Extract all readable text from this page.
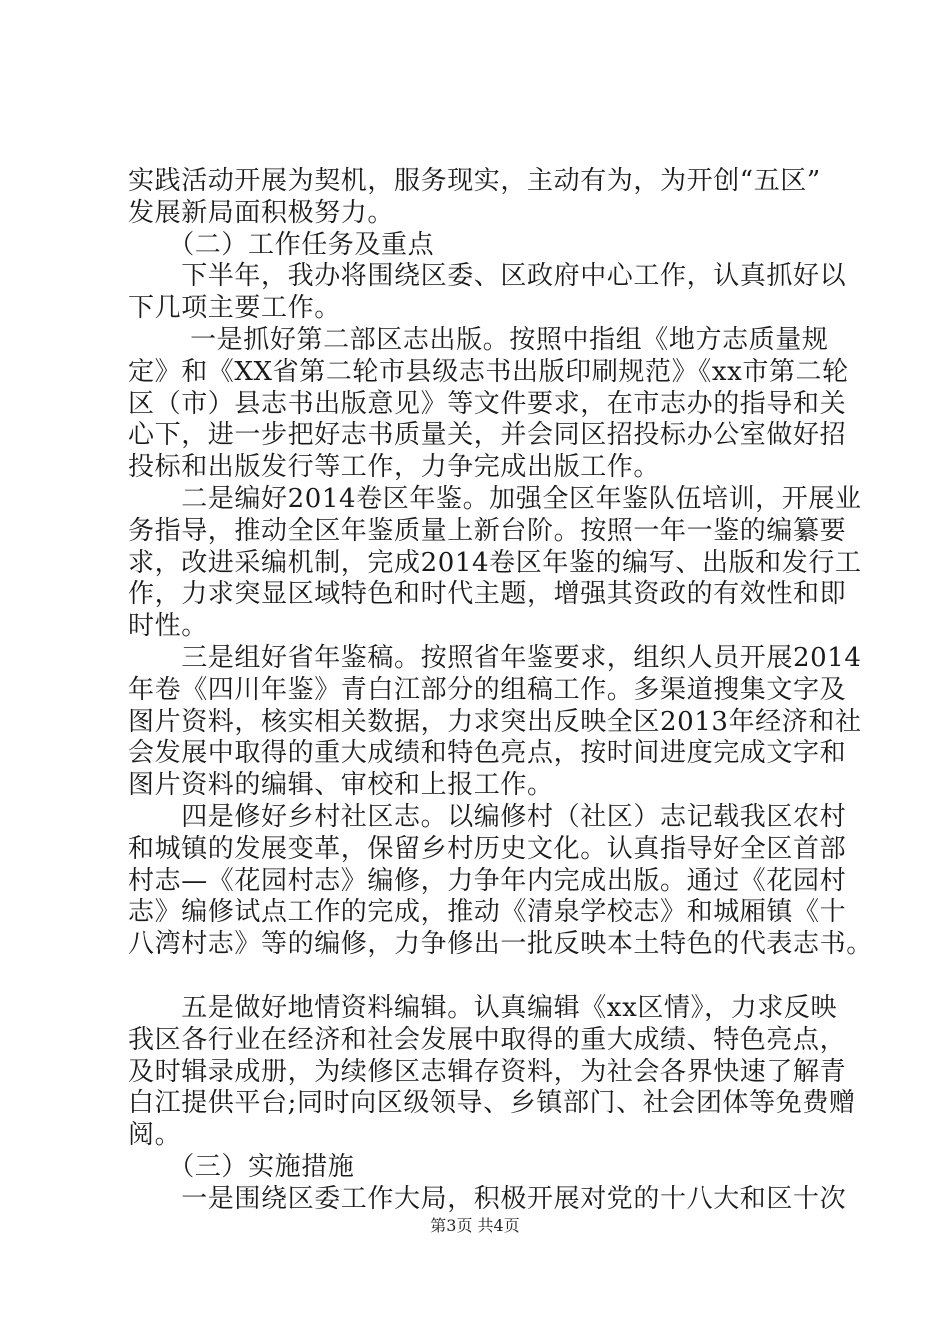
实践活动开展为契机，服务现实，主动有为，为开创“五区”
发展新局面积极努力。
　　（二）工作任务及重点
　　下半年，我办将围绕区委、区政府中心工作，认真抓好以
下几项主要工作。
　　 一是抓好第二部区志出版。按照中指组《地方志质量规
定》和《XX省第二轮市县级志书出版印刷规范》《xx市第二轮
区（市）县志书出版意见》等文件要求，在市志办的指导和关
心下，进一步把好志书质量关，并会同区招投标办公室做好招
投标和出版发行等工作，力争完成出版工作。
　　二是编好2014卷区年鉴。加强全区年鉴队伍培训，开展业
务指导，推动全区年鉴质量上新台阶。按照一年一鉴的编纂要
求，改进采编机制，完成2014卷区年鉴的编写、出版和发行工
作，力求突显区域特色和时代主题，增强其资政的有效性和即
时性。
　　三是组好省年鉴稿。按照省年鉴要求，组织人员开展2014
年卷《四川年鉴》青白江部分的组稿工作。多渠道搜集文字及
图片资料，核实相关数据，力求突出反映全区2013年经济和社
会发展中取得的重大成绩和特色亮点，按时间进度完成文字和
图片资料的编辑、审校和上报工作。
　　四是修好乡村社区志。以编修村（社区）志记载我区农村
和城镇的发展变革，保留乡村历史文化。认真指导好全区首部
村志—《花园村志》编修，力争年内完成出版。通过《花园村
志》编修试点工作的完成，推动《清泉学校志》和城厢镇《十
八湾村志》等的编修，力争修出一批反映本土特色的代表志书。
　　五是做好地情资料编辑。认真编辑《xx区情》，力求反映
我区各行业在经济和社会发展中取得的重大成绩、特色亮点，
及时辑录成册，为续修区志辑存资料，为社会各界快速了解青
白江提供平台;同时向区级领导、乡镇部门、社会团体等免费赠
阅。
　　（三）实施措施
　　一是围绕区委工作大局，积极开展对党的十八大和区十次
第3页 共4页
